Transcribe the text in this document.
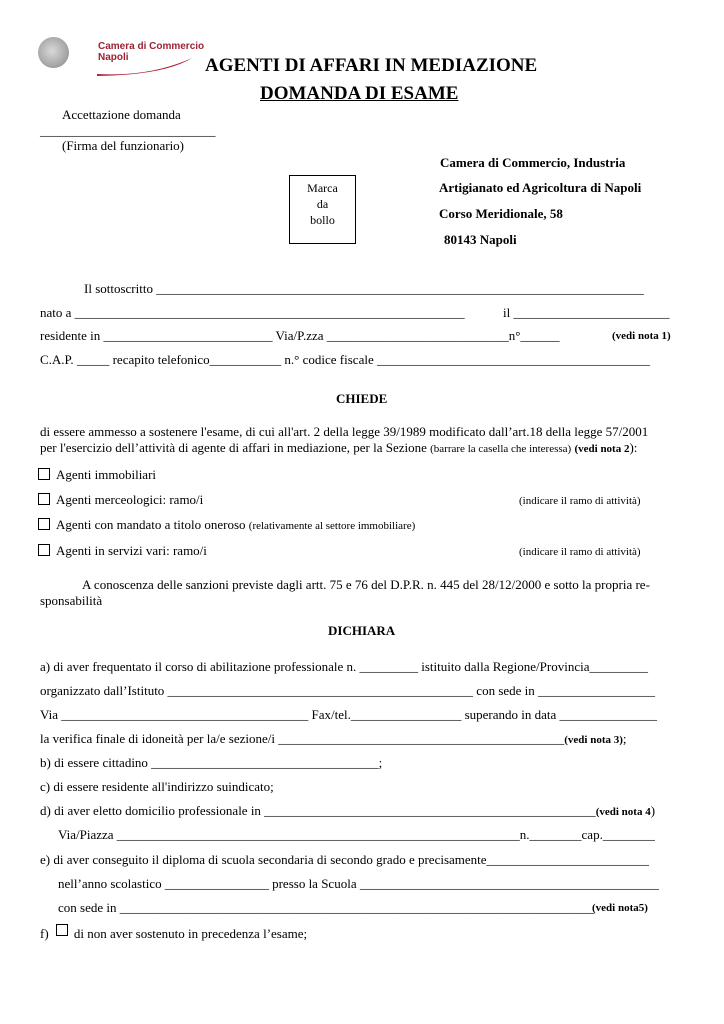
Camera di Commercio
Napoli	AGENTI DI AFFARI IN MEDIAZIONE
DOMANDA DI ESAME
Accettazione domanda
___________________________
(Firma del funzionario)
Marca
da
bollo
Camera di Commercio, Industria
Artigianato ed Agricoltura di Napoli
Corso Meridionale, 58
80143 Napoli
Il sottoscritto ___________________________________________________________________________
nato a ____________________________________________________________	il ________________________
residente in __________________________ Via/P.zza ____________________________n°______	(vedi nota 1)
C.A.P. _____ recapito telefonico___________ n.° codice fiscale __________________________________________
CHIEDE
di essere ammesso a sostenere l'esame, di cui all'art. 2 della legge 39/1989 modificato dall’art.18 della legge 57/2001
per l'esercizio dell’attività di agente di affari in mediazione, per la Sezione (barrare la casella che interessa) (vedi nota 2):
Agenti immobiliari
Agenti merceologici: ramo/i	(indicare il ramo di attività)
Agenti con mandato a titolo oneroso (relativamente al settore immobiliare)
Agenti in servizi vari: ramo/i	(indicare il ramo di attività)
A conoscenza delle sanzioni previste dagli artt. 75 e 76 del D.P.R. n. 445 del 28/12/2000 e sotto la propria re-
sponsabilità
DICHIARA
a) di aver frequentato il corso di abilitazione professionale n. _________ istituito dalla Regione/Provincia_________
organizzato dall’Istituto _______________________________________________ con sede in __________________
Via ______________________________________ Fax/tel._________________ superando in data _______________
la verifica finale di idoneità per la/e sezione/i ____________________________________________(vedi nota 3);
b) di essere cittadino ___________________________________;
c) di essere residente all'indirizzo suindicato;
d) di aver eletto domicilio professionale in ___________________________________________________(vedi nota 4)
Via/Piazza ______________________________________________________________n.________cap.________
e) di aver conseguito il diploma di scuola secondaria di secondo grado e precisamente_________________________
nell’anno scolastico ________________ presso la Scuola ______________________________________________
con sede in _________________________________________________________________________
(vedi nota5)
f) di non aver sostenuto in precedenza l’esame;
